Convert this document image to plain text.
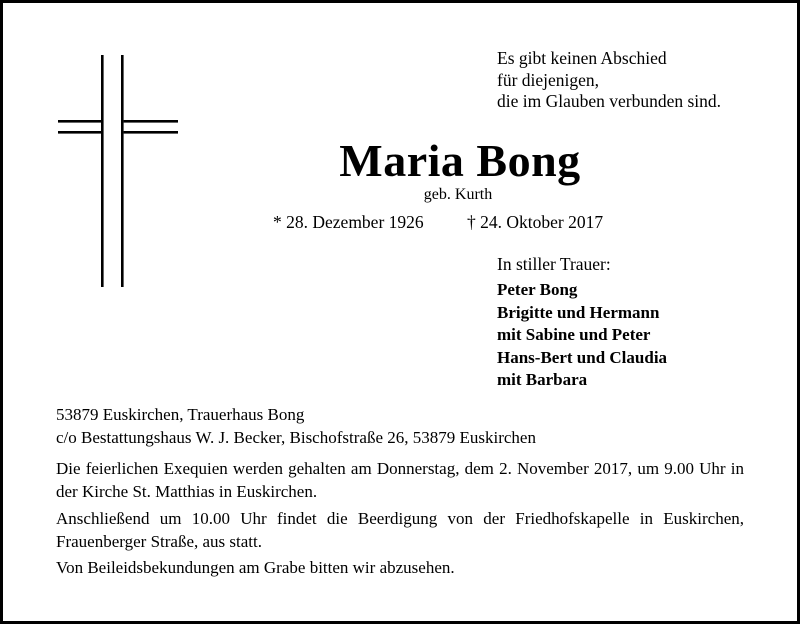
Es gibt keinen Abschied
für diejenigen,
die im Glauben verbunden sind.
Maria Bong
geb. Kurth
* 28. Dezember 1926 † 24. Oktober 2017
In stiller Trauer:
Peter Bong
Brigitte und Hermann
mit Sabine und Peter
Hans-Bert und Claudia
mit Barbara
53879 Euskirchen, Trauerhaus Bong
c/o Bestattungshaus W. J. Becker, Bischofstraße 26, 53879 Euskirchen
Die feierlichen Exequien werden gehalten am Donnerstag, dem 2. November 2017, um 9.00 Uhr in der Kirche St. Matthias in Euskirchen.
Anschließend um 10.00 Uhr findet die Beerdigung von der Friedhofskapelle in Euskirchen, Frauenberger Straße, aus statt.
Von Beileidsbekundungen am Grabe bitten wir abzusehen.
